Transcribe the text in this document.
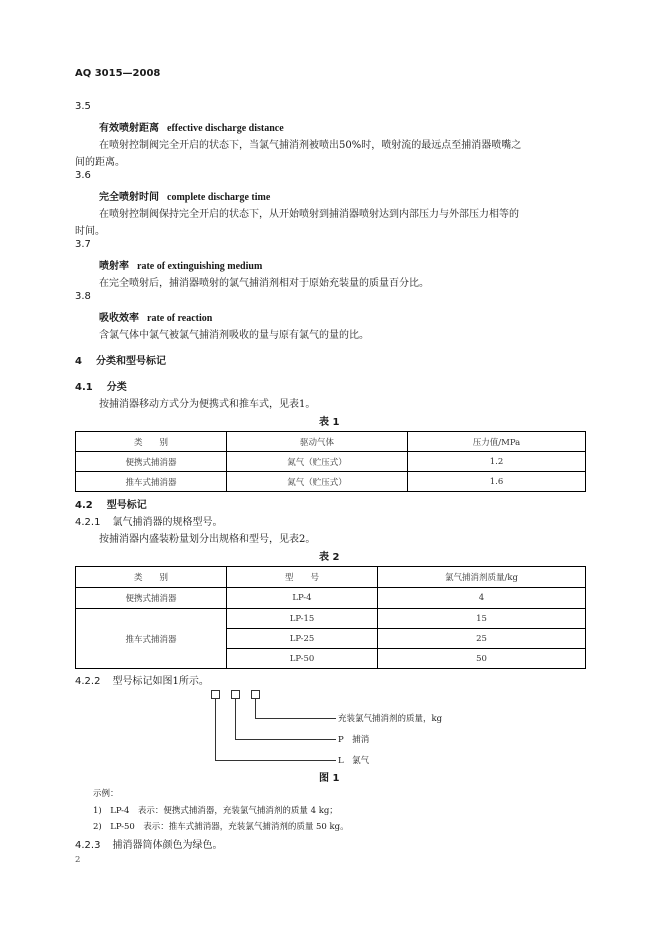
AQ 3015—2008
3.5
有效喷射距离 effective discharge distance
在喷射控制阀完全开启的状态下，当氯气捕消剂被喷出50%时，喷射流的最远点至捕消器喷嘴之
间的距离。
3.6
完全喷射时间 complete discharge time
在喷射控制阀保持完全开启的状态下，从开始喷射到捕消器喷射达到内部压力与外部压力相等的
时间。
3.7
喷射率 rate of extinguishing medium
在完全喷射后，捕消器喷射的氯气捕消剂相对于原始充装量的质量百分比。
3.8
吸收效率 rate of reaction
含氯气体中氯气被氯气捕消剂吸收的量与原有氯气的量的比。
4 分类和型号标记
4.1 分类
按捕消器移动方式分为便携式和推车式，见表1。
表 1
类　　别	驱动气体	压力值/MPa
便携式捕消器	氮气（贮压式）	1.2
推车式捕消器	氮气（贮压式）	1.6
4.2 型号标记
4.2.1 氯气捕消器的规格型号。
按捕消器内盛装粉量划分出规格和型号，见表2。
表 2
类　　别	型　　号	氯气捕消剂质量/kg
便携式捕消器	LP-4	4
推车式捕消器	LP-15	15
	LP-25	25
	LP-50	50
4.2.2 型号标记如图1所示。
充装氯气捕消剂的质量，kg
P　捕消
L　氯气
图 1
示例：
1)　LP-4　表示：便携式捕消器，充装氯气捕消剂的质量 4 kg；
2)　LP-50　表示：推车式捕消器，充装氯气捕消剂的质量 50 kg。
4.2.3 捕消器筒体颜色为绿色。
2
